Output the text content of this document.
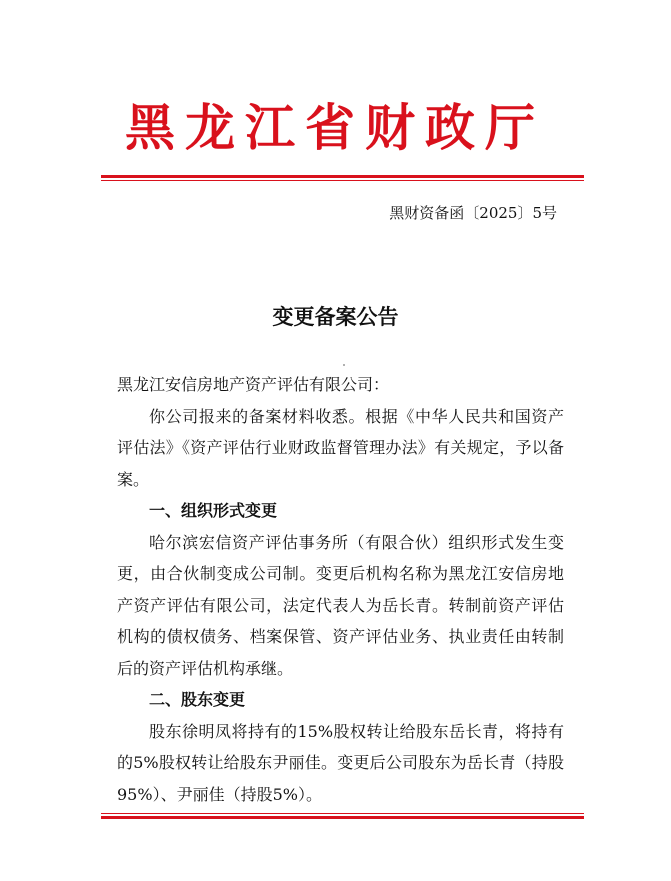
黑龙江省财政厅
黑财资备函〔2025〕5号
变更备案公告

黑龙江安信房地产资产评估有限公司：

你公司报来的备案材料收悉。根据《中华人民共和国资产评估法》《资产评估行业财政监督管理办法》有关规定，予以备案。

一、组织形式变更

哈尔滨宏信资产评估事务所（有限合伙）组织形式发生变更，由合伙制变成公司制。变更后机构名称为黑龙江安信房地产资产评估有限公司，法定代表人为岳长青。转制前资产评估机构的债权债务、档案保管、资产评估业务、执业责任由转制后的资产评估机构承继。

二、股东变更

股东徐明凤将持有的15%股权转让给股东岳长青，将持有的5%股权转让给股东尹丽佳。变更后公司股东为岳长青（持股95%）、尹丽佳（持股5%）。
